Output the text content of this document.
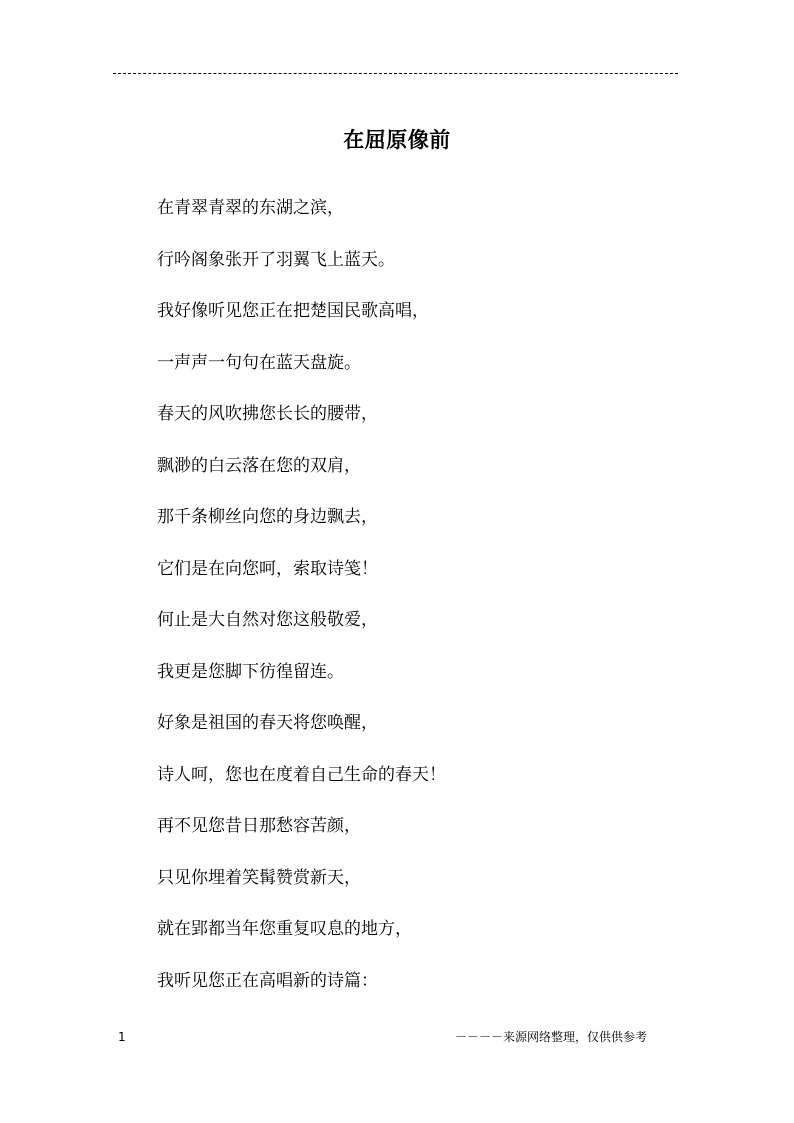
在屈原像前
在青翠青翠的东湖之滨，
行吟阁象张开了羽翼飞上蓝天。
我好像听见您正在把楚国民歌高唱，
一声声一句句在蓝天盘旋。
春天的风吹拂您长长的腰带，
飘渺的白云落在您的双肩，
那千条柳丝向您的身边飘去，
它们是在向您呵，索取诗笺！
何止是大自然对您这般敬爱，
我更是您脚下彷徨留连。
好象是祖国的春天将您唤醒，
诗人呵，您也在度着自己生命的春天！
再不见您昔日那愁容苦颜，
只见你埋着笑髯赞赏新天，
就在郢都当年您重复叹息的地方，
我听见您正在高唱新的诗篇：
1	－－－－来源网络整理，仅供供参考
